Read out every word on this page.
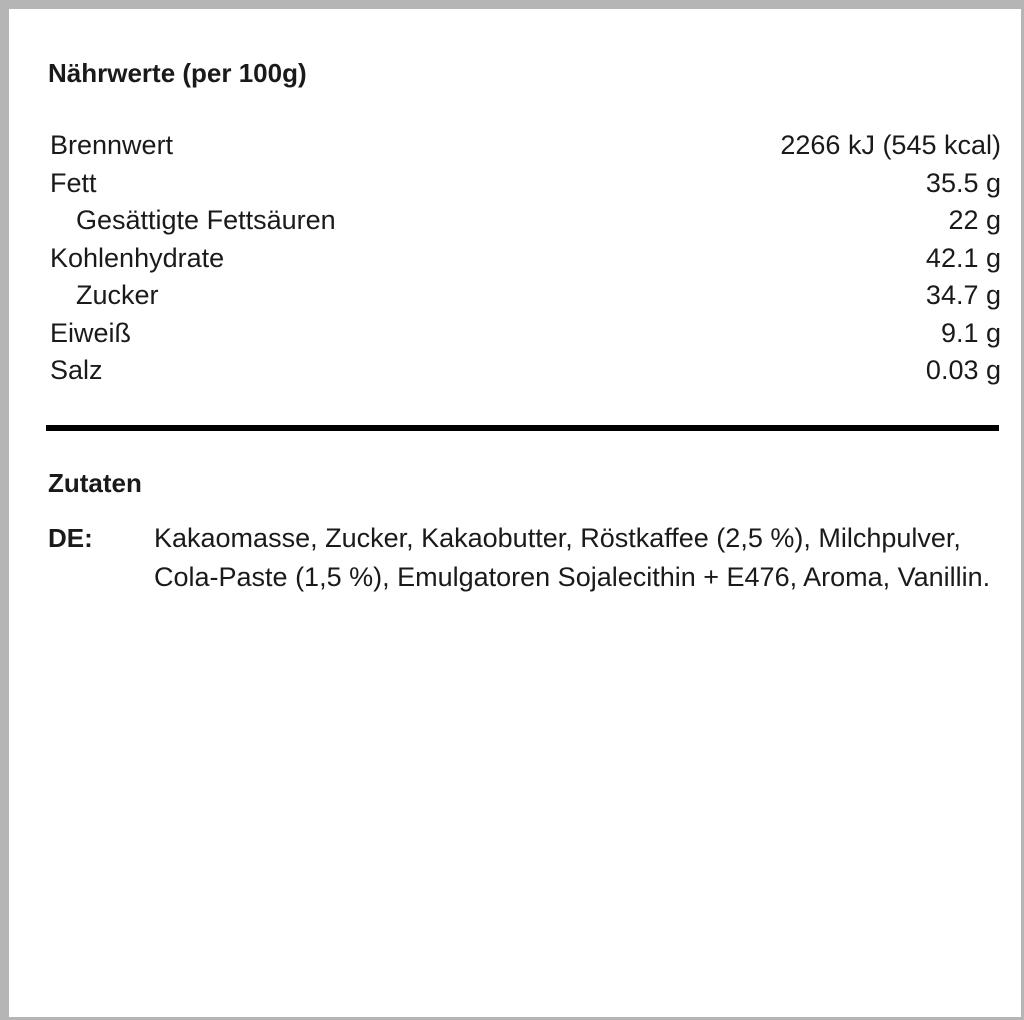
Nährwerte (per 100g)
Brennwert	2266 kJ (545 kcal)
Fett	35.5 g
Gesättigte Fettsäuren	22 g
Kohlenhydrate	42.1 g
Zucker	34.7 g
Eiweiß	9.1 g
Salz	0.03 g
Zutaten
DE: Kakaomasse, Zucker, Kakaobutter, Röstkaffee (2,5 %), Milchpulver, Cola-Paste (1,5 %), Emulgatoren Sojalecithin + E476, Aroma, Vanillin.
